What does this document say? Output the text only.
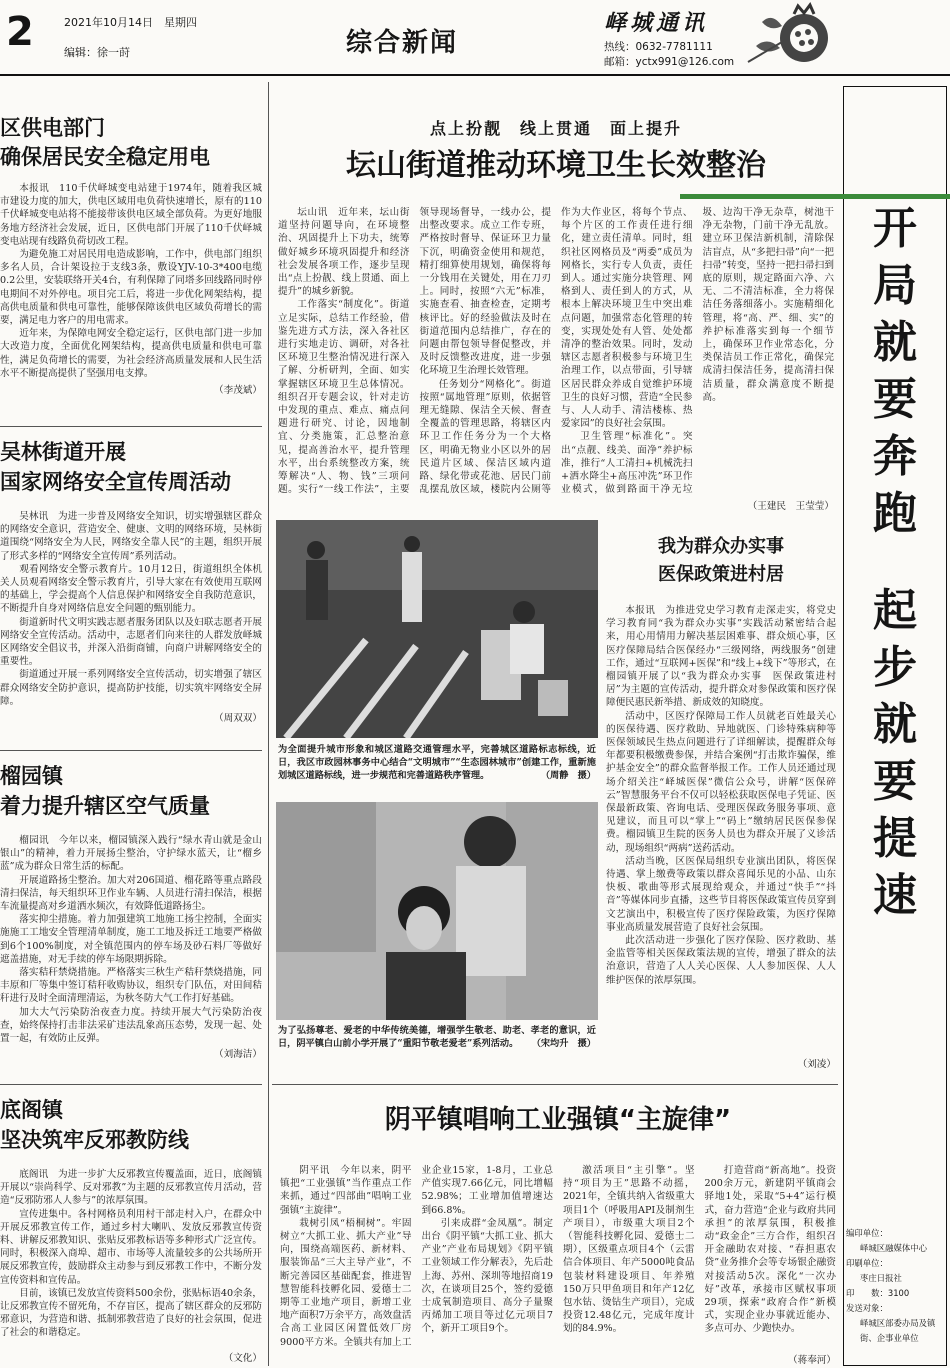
2	2021年10月14日　星期四
编辑：徐一莳	综合新闻
峄城通讯
热线：0632-7781111
邮箱：yctx991@126.com
区供电部门
确保居民安全稳定用电

本报讯　110千伏峄城变电站建于1974年，随着我区城市建设力度的加大，供电区域用电负荷快速增长，原有的110千伏峄城变电站将不能接带该供电区域全部负荷。为更好地服务地方经济社会发展，近日，区供电部门开展了110千伏峄城变电站现有线路负荷切改工程。

为避免施工对居民用电造成影响，工作中，供电部门组织多名人员，合计架设拉于支线3条，敷设YJV-10-3*400电缆0.2公里，安装联络开关4台，有利保障了同塔多回线路同时停电期间不对外停电。项目完工后，将进一步优化网架结构，提高供电质量和供电可靠性，能够保障该供电区域负荷增长的需要，满足电力客户的用电需求。

近年来，为保障电网安全稳定运行，区供电部门进一步加大改造力度，全面优化网架结构，提高供电质量和供电可靠性，满足负荷增长的需要，为社会经济高质量发展和人民生活水平不断提高提供了坚强用电支撑。

（李茂斌）
吴林街道开展
国家网络安全宣传周活动

吴林讯　为进一步普及网络安全知识，切实增强辖区群众的网络安全意识，营造安全、健康、文明的网络环境，吴林街道围绕“网络安全为人民，网络安全靠人民”的主题，组织开展了形式多样的“网络安全宣传周”系列活动。

观看网络安全警示教育片。10月12日，街道组织全体机关人员观看网络安全警示教育片，引导大家在有效使用互联网的基础上，学会提高个人信息保护和网络安全自我防范意识，不断提升自身对网络信息安全问题的甄别能力。

街道新时代文明实践志愿者服务团队以及妇联志愿者开展网络安全宣传活动。活动中，志愿者们向来往的人群发放峄城区网络安全倡议书，并深入沿街商铺，向商户讲解网络安全的重要性。

街道通过开展一系列网络安全宣传活动，切实增强了辖区群众网络安全防护意识，提高防护技能，切实筑牢网络安全屏障。

（周双双）
榴园镇
着力提升辖区空气质量

榴园讯　今年以来，榴园镇深入践行“绿水青山就是金山银山”的精神，着力开展扬尘整治，守护绿水蓝天，让“榴乡蓝”成为群众日常生活的标配。

开展道路扬尘整治。加大对206国道、榴花路等重点路段清扫保洁，每天组织环卫作业车辆、人员进行清扫保洁，根据车流量提高对乡道洒水频次，有效降低道路扬尘。

落实抑尘措施。着力加强建筑工地施工扬尘控制，全面实施施工工地安全管理清单制度，施工工地及拆迁工地要严格做到6个100%制度，对全镇范围内的停车场及砂石料厂等做好遮盖措施，对无手续的停车场限期拆除。

落实秸秆禁烧措施。严格落实三秋生产秸秆禁烧措施，同丰原和厂等集中签订秸秆收购协议，组织专门队伍，对田间秸秆进行及时全面清理清运，为秋冬防大气工作打好基础。

加大大气污染防治夜查力度。持续开展大气污染防治夜查，始终保持打击非法采矿违法乱象高压态势，发现一起、处置一起，有效防止反弹。

（刘海洁）
底阁镇
坚决筑牢反邪教防线

底阁讯　为进一步扩大反邪教宣传覆盖面，近日，底阁镇开展以“崇尚科学、反对邪教”为主题的反邪教宣传月活动，营造“反邪防邪人人参与”的浓厚氛围。

宣传进集中。各村网格员利用村干部走村入户，在群众中开展反邪教宣传工作，通过乡村大喇叭、发放反邪教宣传资料、讲解反邪教知识、张贴反邪教标语等多种形式广泛宣传。同时，积极深入商埠、超市、市场等人流量较多的公共场所开展反邪教宣传，鼓励群众主动参与到反邪教工作中，不断分发宣传资料和宣传品。

目前，该镇已发放宣传资料500余份，张贴标语40余条，让反邪教宣传不留死角，不存盲区，提高了辖区群众的反邪防邪意识，为营造和谐、抵制邪教营造了良好的社会氛围，促进了社会的和谐稳定。

（文化）
点上扮靓　线上贯通　面上提升
坛山街道推动环境卫生长效整治

坛山讯　近年来，坛山街道坚持问题导向，在环境整治、巩固提升上下功夫，统筹做好城乡环境巩固提升和经济社会发展各项工作，逐步呈现出“点上扮靓、线上贯通、面上提升”的城乡新貌。

工作落实“制度化”。街道立足实际，总结工作经验，借鉴先进方式方法，深入各社区进行实地走访、调研，对各社区环境卫生整治情况进行深入了解、分析研判，全面、如实掌握辖区环境卫生总体情况。组织召开专题会议，针对走访中发现的重点、难点、痛点问题进行研究、讨论，因地制宜、分类施策，汇总整治意见，提高善治水平，提升管理水平，出台系统整改方案，统筹解决“人、物、钱”三项问题。实行“一线工作法”，主要领导现场督导，一线办公，提出整改要求。成立工作专班，严格按时督导、保证环卫力量下沉，明确资金使用和规范，精打细算使用规划，确保将每一分钱用在关键处，用在刀刃上。同时，按照“六无”标准，实施查看、抽查检查，定期考核评比。好的经验做法及时在街道范围内总结推广，存在的问题由帮包领导督促整改，并及时反馈整改进度，进一步强化环境卫生治理长效管理。

任务划分“网格化”。街道按照“属地管理”原则，依据管理无缝隙、保洁全天候、督查全覆盖的管理思路，将辖区内环卫工作任务分为一个大格区，明确无物业小区以外的居民道片区域、保洁区域内道路、绿化带或花池、居民门前乱摆乱放区域，楼院内公厕等作为大作业区，将每个节点、每个片区的工作责任进行细化，建立责任清单。同时，组织社区网格员及“两委”成员为网格长，实行专人负责，责任到人。通过实施分块管理、网格到人、责任到人的方式，从根本上解决环境卫生中突出难点问题，加强常态化管理的转变，实现处处有人管、处处都清净的整治效果。同时，发动辖区志愿者积极参与环境卫生治理工作，以点带面，引导辖区居民群众养成自觉维护环境卫生的良好习惯，营造“全民参与、人人动手、清洁楼栋、热爱家园”的良好社会氛围。

卫生管理“标准化”。突出“点靓、线美、面净”养护标准，推行“人工清扫+机械洗扫+洒水降尘+高压冲洗”环卫作业模式，做到路面干净无垃圾、边沟干净无杂草，树池干净无杂物，门前干净无乱放。建立环卫保洁新机制，清除保洁盲点，从“多把扫帚”向“一把扫帚”转变，坚持一把扫帚扫到底的原则，规定路面六净、六无、二不清洁标准，全力将保洁任务落细落小。实施精细化管理，将“高、严、细、实”的养护标准落实到每一个细节上，确保环卫作业常态化，分类保洁员工作正常化，确保完成清扫保洁任务，提高清扫保洁质量，群众满意度不断提高。

（王建民　王莹莹）
为全面提升城市形象和城区道路交通管理水平，完善城区道路标志标线，近日，我区市政园林事务中心结合“文明城市”“生态园林城市”创建工作，重新施划城区道路标线，进一步规范和完善道路秩序管理。	（周静　摄）
为了弘扬尊老、爱老的中华传统美德，增强学生敬老、助老、孝老的意识，近日，阴平镇白山前小学开展了“重阳节敬老爱老”系列活动。 （宋均升　摄）
我为群众办实事
医保政策进村居

本报讯　为推进党史学习教育走深走实，将党史学习教育同“我为群众办实事”实践活动紧密结合起来，用心用情用力解决基层困难事、群众烦心事，区医疗保障局结合医保经办“三级网络，两线服务”创建工作，通过“互联网+医保”和“线上+线下”等形式，在榴园镇开展了以“我为群众办实事　医保政策进村居”为主题的宣传活动，提升群众对参保政策和医疗保障便民惠民新举措、新成效的知晓度。

活动中，区医疗保障局工作人员就老百姓最关心的医保待遇、医疗救助、异地就医、门诊特殊病种等医保领域民生热点问题进行了详细解读，提醒群众每年都要积极缴费参保，并结合案例“打击欺诈骗保，维护基金安全”的群众监督举报工作。工作人员还通过现场介绍关注“峄城医保”微信公众号，讲解“医保碎云”智慧服务平台不仅可以轻松获取医保电子凭证、医保最新政策、咨询电话、受理医保政务服务事项、意见建议，而且可以“掌上”“码上”缴纳居民医保参保费。榴园镇卫生院的医务人员也为群众开展了义诊活动，现场组织“两病”送药活动。

活动当晚，区医保局组织专业演出团队，将医保待遇、掌上缴费等政策以群众喜闻乐见的小品、山东快板、歌曲等形式展现给观众，并通过“快手”“抖音”等媒体同步直播，这些节目将医保政策宣传员穿到文艺演出中，积极宣传了医疗保险政策，为医疗保障事业高质量发展营造了良好社会氛围。

此次活动进一步强化了医疗保险、医疗救助、基金监管等相关医保政策法规的宣传，增强了群众的法治意识，营造了人人关心医保、人人参加医保、人人维护医保的浓厚氛围。

（刘凌）
阴平镇唱响工业强镇“主旋律”

阴平讯　今年以来，阴平镇把“工业强镇”当作重点工作来抓，通过“四部曲”唱响工业强镇“主旋律”。

栽树引凤“梧桐树”。牢固树立“大抓工业、抓大产业”导向，围绕高端医药、新材料、服装饰品“三大主导产业”，不断完善园区基础配套，推进智慧智能科技孵化园、爱德士二期等工业地产项目，新增工业地产面积7万余平方，高效盘活合高工业园区闲置低效厂房9000平方米。全镇共有加上工业企业15家，1-8月，工业总产值实现7.66亿元，同比增幅52.98%；工业增加值增速达到66.8%。

引来成群“金凤凰”。制定出台《阴平镇“大抓工业、抓大产业”产业布局规划》《阴平镇工业领域工作分解表》，先后赴上海、苏州、深圳等地招商19次，在谈项目25个，签约爱德士成氧制造项目、高分子量聚丙烯加工项目等过亿元项目7个，新开工项目9个。

激活项目“主引擎”。坚持“项目为王”思路不动摇，2021年，全镇共纳入省级重大项目1个（呼吸用API及制剂生产项目），市级重大项目2个（智能科技孵化园、爱德士二期），区级重点项目4个（云雷信合体项目、年产5000吨食品包装材料建设项目、年养殖150万只甲鱼项目和年产12亿包水钻、烫钻生产项目），完成投资12.48亿元，完成年度计划的84.9%。

打造营商“新高地”。投资200余万元，新建阴平镇商会驿地1处，采取“5+4”运行模式，奋力营造“企业与政府共同承担”的浓厚氛围，积极推动“政金企”三方合作，组织召开金融助农对接、“春担惠农贷”业务推介会等专场银企融资对接活动5次。深化“一次办好”改革，承接市区赋权事项29项，探索“政府合作”新模式，实现企业办事就近能办、多点可办、少跑快办。

（蒋奉河）
开
局
就
要
奔
跑
起
步
就
要
提
速
编印单位：
峄城区融媒体中心
印刷单位：
枣庄日报社
印　　数：3100
发送对象：
峄城区部委办局及镇街、企事业单位
